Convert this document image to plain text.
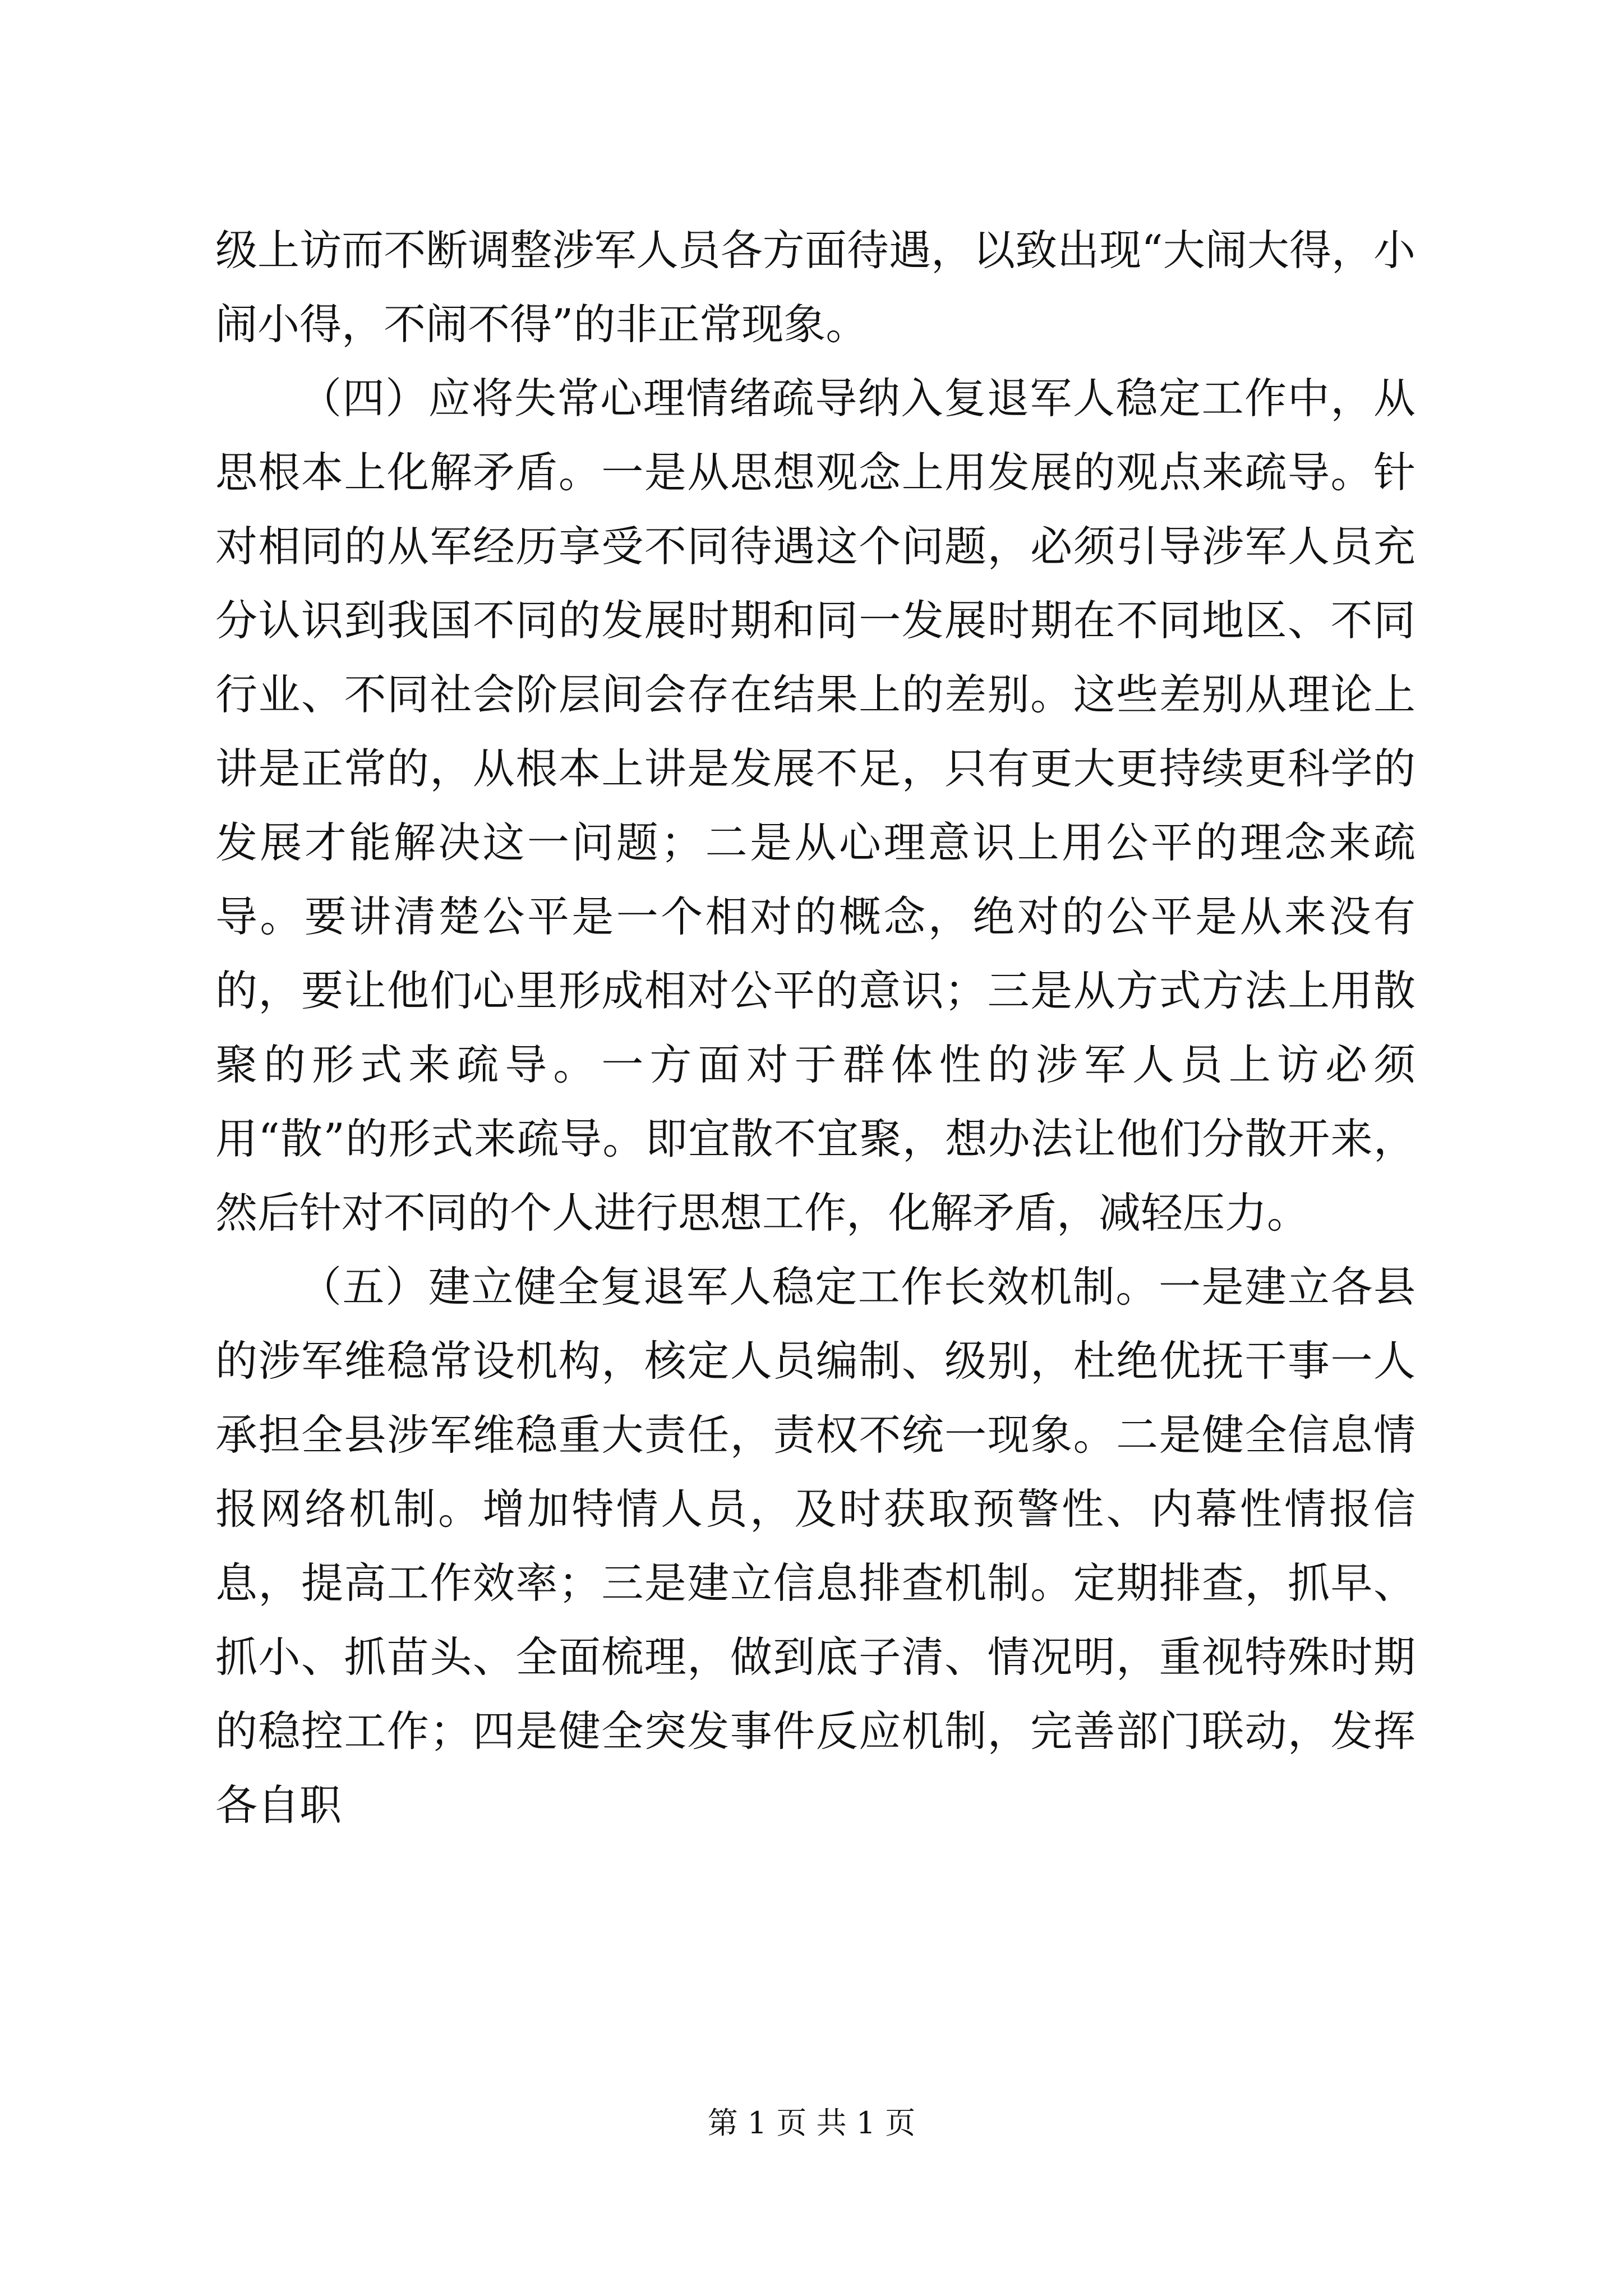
级上访而不断调整涉军人员各方面待遇，以致出现“大闹大得，小闹小得，不闹不得”的非正常现象。

（四）应将失常心理情绪疏导纳入复退军人稳定工作中，从思根本上化解矛盾。一是从思想观念上用发展的观点来疏导。针对相同的从军经历享受不同待遇这个问题，必须引导涉军人员充分认识到我国不同的发展时期和同一发展时期在不同地区、不同行业、不同社会阶层间会存在结果上的差别。这些差别从理论上讲是正常的，从根本上讲是发展不足，只有更大更持续更科学的发展才能解决这一问题；二是从心理意识上用公平的理念来疏导。要讲清楚公平是一个相对的概念，绝对的公平是从来没有的，要让他们心里形成相对公平的意识；三是从方式方法上用散聚的形式来疏导。一方面对于群体性的涉军人员上访必须用“散”的形式来疏导。即宜散不宜聚，想办法让他们分散开来，然后针对不同的个人进行思想工作，化解矛盾，减轻压力。

（五）建立健全复退军人稳定工作长效机制。一是建立各县的涉军维稳常设机构，核定人员编制、级别，杜绝优抚干事一人承担全县涉军维稳重大责任，责权不统一现象。二是健全信息情报网络机制。增加特情人员，及时获取预警性、内幕性情报信息，提高工作效率；三是建立信息排查机制。定期排查，抓早、抓小、抓苗头、全面梳理，做到底子清、情况明，重视特殊时期的稳控工作；四是健全突发事件反应机制，完善部门联动，发挥各自职

第 1 页 共 1 页
